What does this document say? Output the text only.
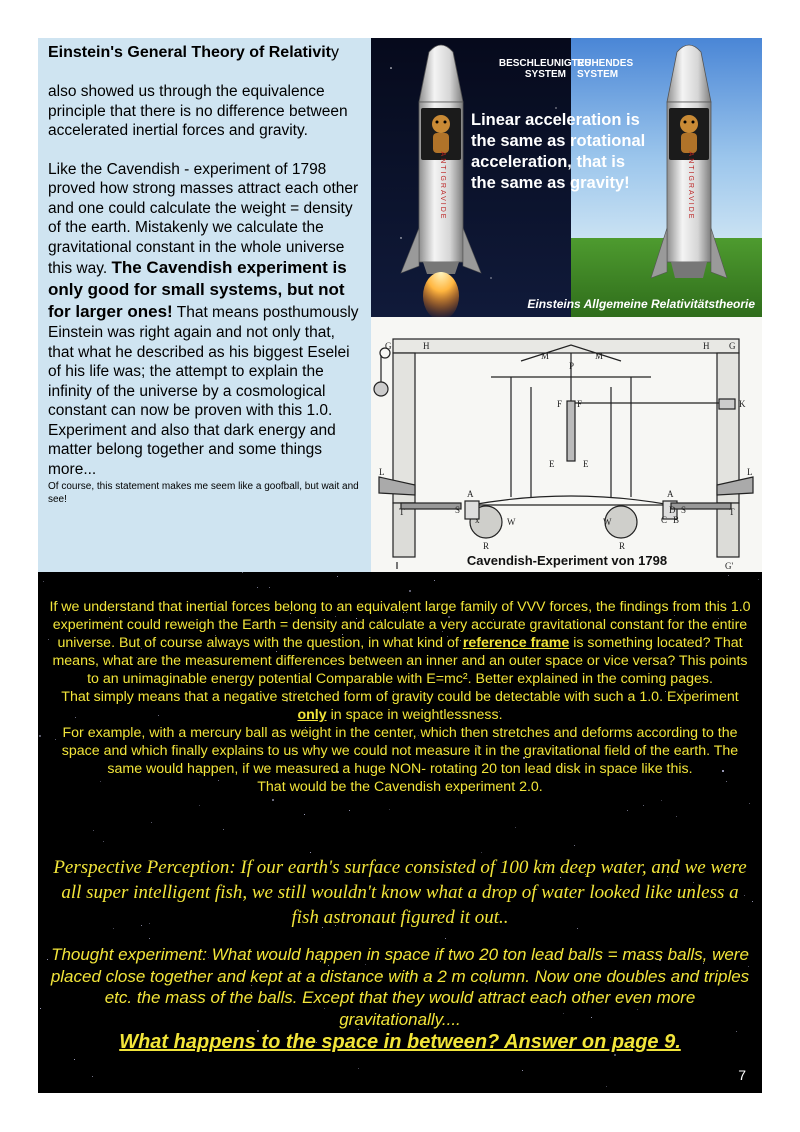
Einstein's General Theory of Relativity

also showed us through the equivalence principle that there is no difference between accelerated inertial forces and gravity.

Like the Cavendish - experiment of 1798 proved how strong masses attract each other and one could calculate the weight = density of the earth. Mistakenly we calculate the gravitational constant in the whole universe this way. The Cavendish experiment is only good for small systems, but not for larger ones! That means posthumously Einstein was right again and not only that, that what he described as his biggest Eselei of his life was; the attempt to explain the infinity of the universe by a cosmological constant can now be proven with this 1.0. Experiment and also that dark energy and matter belong together and some things more...

Of course, this statement makes me seem like a goofball, but wait and see!

ANTIGRAVIDE	ANTIGRAVIDE
BESCHLEUNIGTES
SYSTEM
RUHENDES
SYSTEM
Linear acceleration is
the same as rotational
acceleration, that is
the same as gravity!
Einsteins Allgemeine Relativitätstheorie
G	H	H G
M	M
P
F F	K
E	E
L	L
T	T
A	A
S	S
W	W
R	R
C
D
B
x
G'
Cavendish-Experiment von 1798
If we understand that inertial forces belong to an equivalent large family of VVV forces, the findings from this 1.0 experiment could reweigh the Earth = density and calculate a very accurate gravitational constant for the entire universe. But of course always with the question, in what kind of reference frame is something located? That means, what are the measurement differences between an inner and an outer space or vice versa? This points to an unimaginable energy potential Comparable with E=mc². Better explained in the coming pages.
That simply means that a negative stretched form of gravity could be detectable with such a 1.0. Experiment only in space in weightlessness.
For example, with a mercury ball as weight in the center, which then stretches and deforms according to the space and which finally explains to us why we could not measure it in the gravitational field of the earth. The same would happen, if we measured a huge NON- rotating 20 ton lead disk in space like this.
That would be the Cavendish experiment 2.0.
Perspective Perception: If our earth's surface consisted of 100 km deep water, and we were all super intelligent fish, we still wouldn't know what a drop of water looked like unless a fish astronaut figured it out..
Thought experiment: What would happen in space if two 20 ton lead balls = mass balls, were placed close together and kept at a distance with a 2 m column. Now one doubles and triples etc. the mass of the balls. Except that they would attract each other even more gravitationally....
What happens to the space in between? Answer on page 9.
7
